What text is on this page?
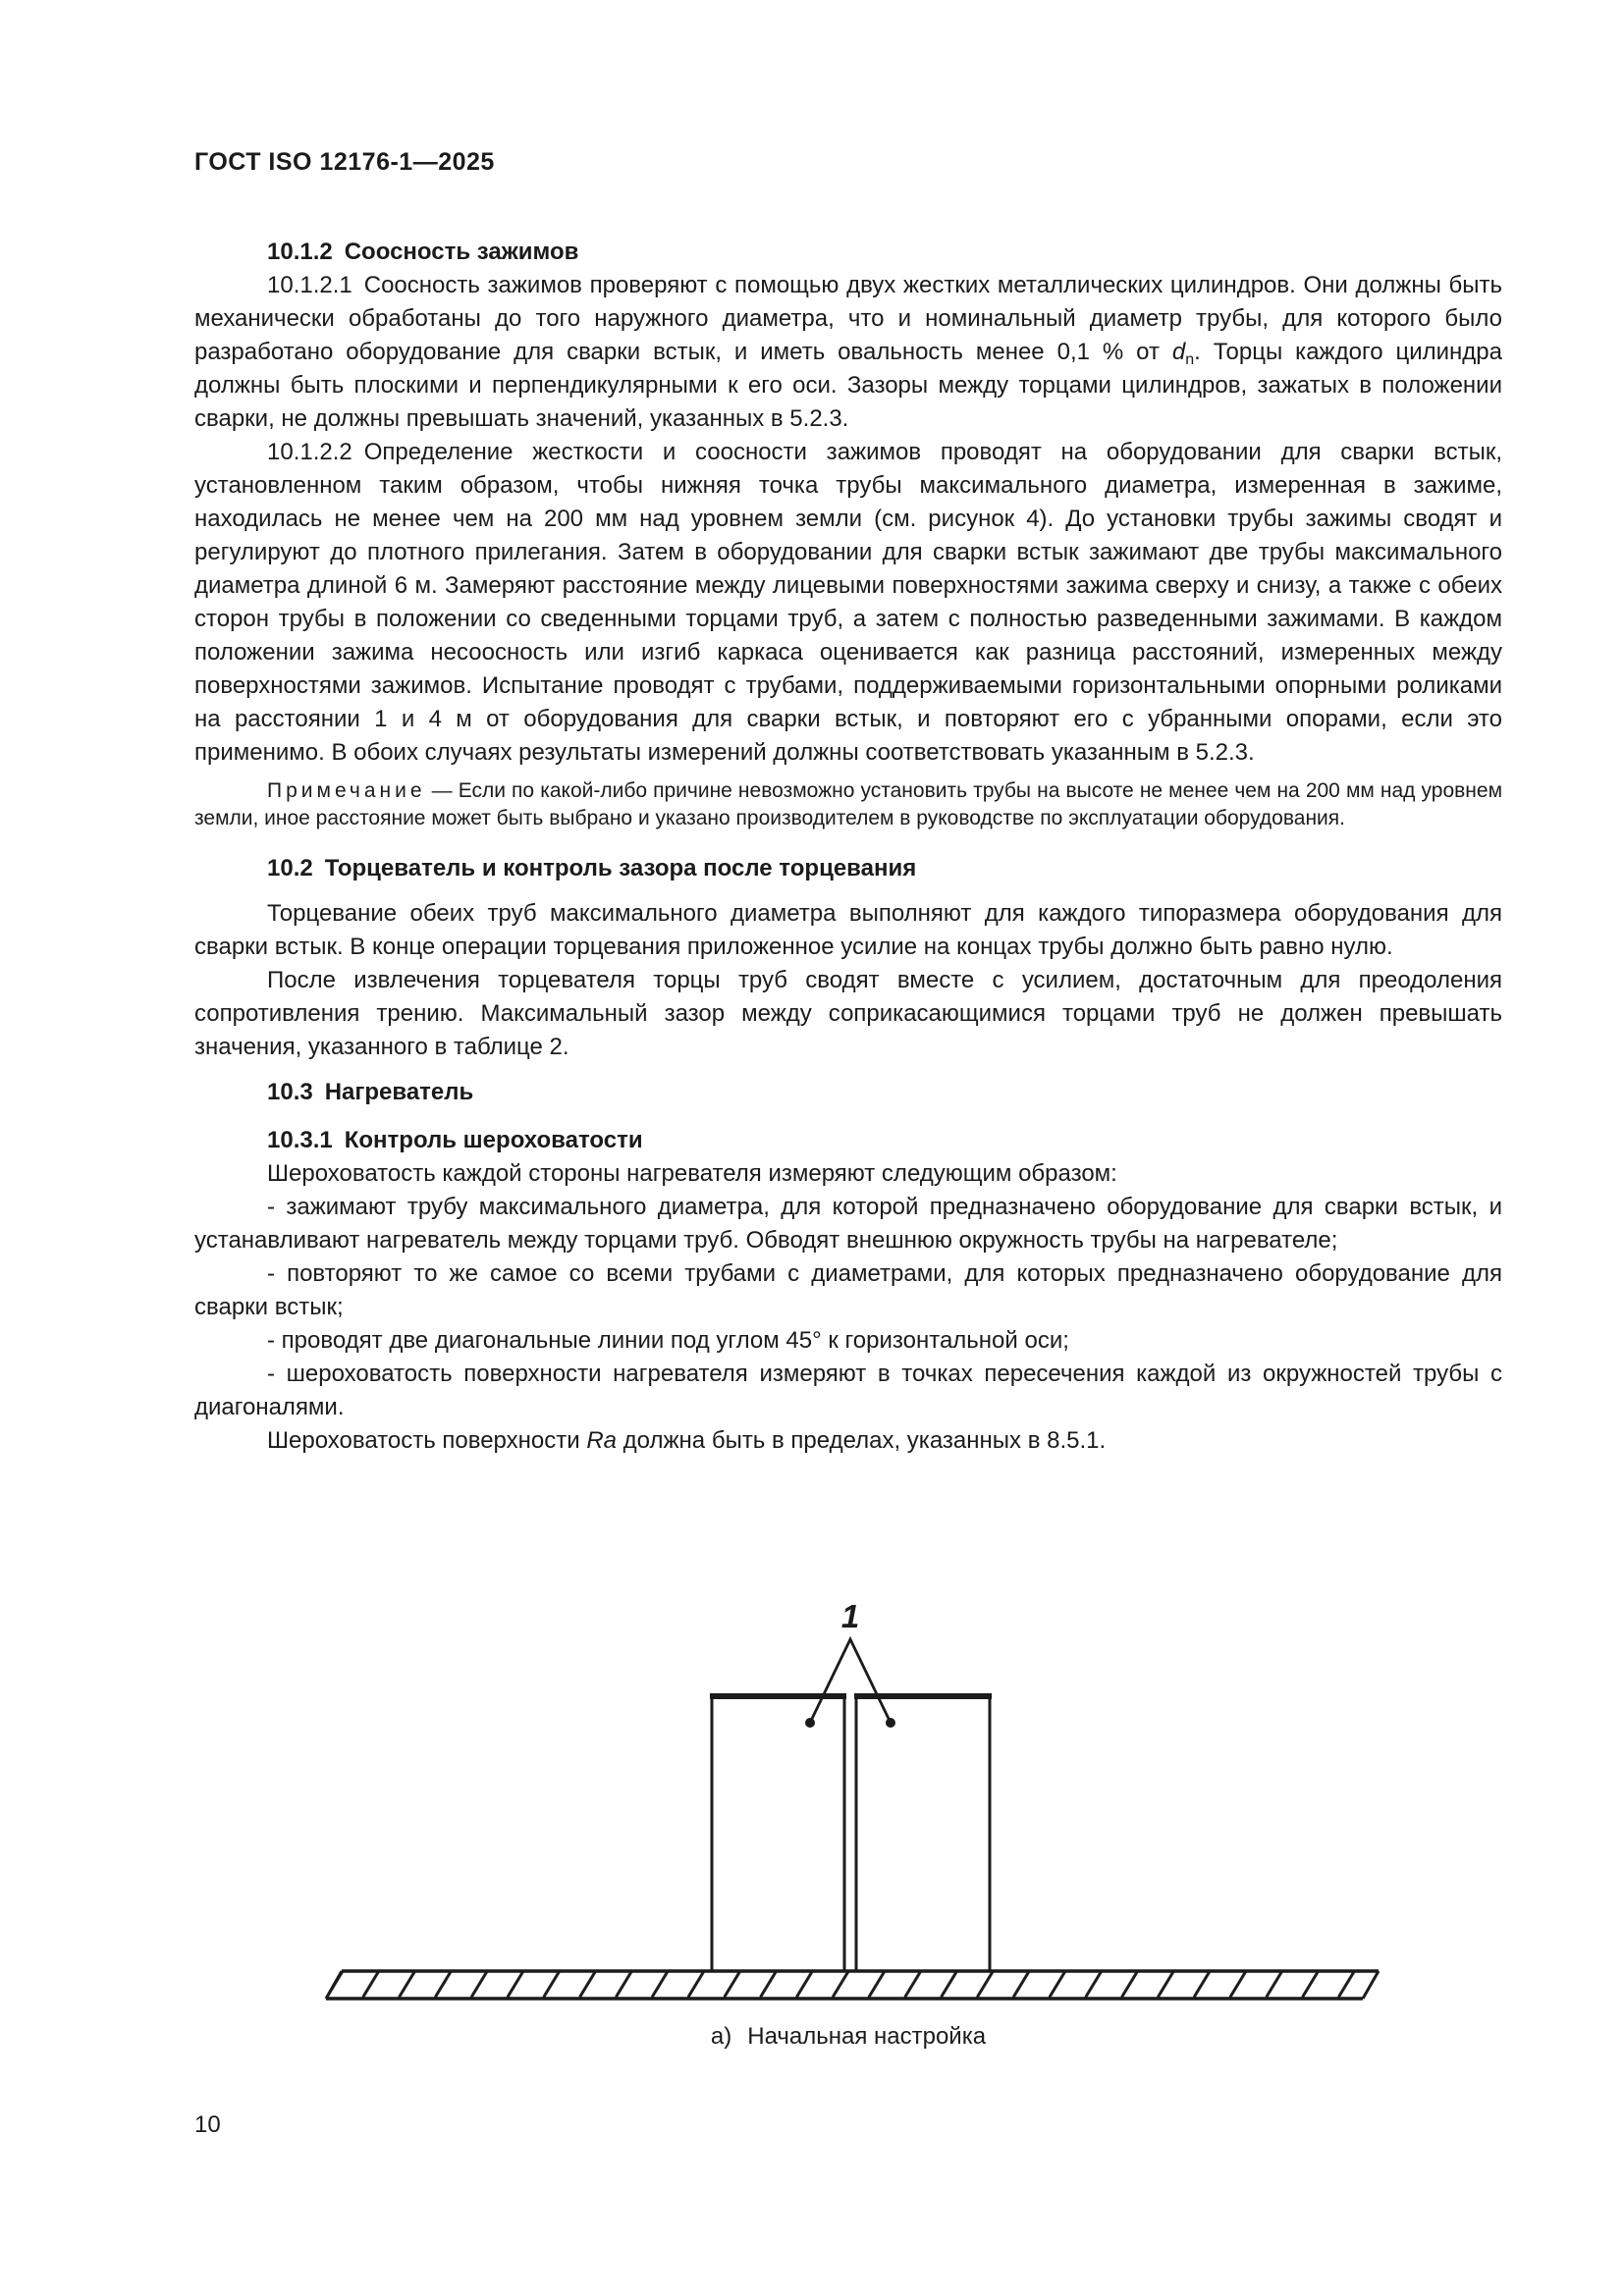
ГОСТ ISO 12176-1—2025

10.1.2 Соосность зажимов

10.1.2.1 Соосность зажимов проверяют с помощью двух жестких металлических цилиндров. Они должны быть механически обработаны до того наружного диаметра, что и номинальный диаметр трубы, для которого было разработано оборудование для сварки встык, и иметь овальность менее 0,1 % от $d_n$. Торцы каждого цилиндра должны быть плоскими и перпендикулярными к его оси. Зазоры между торцами цилиндров, зажатых в положении сварки, не должны превышать значений, указанных в 5.2.3.

10.1.2.2 Определение жесткости и соосности зажимов проводят на оборудовании для сварки встык, установленном таким образом, чтобы нижняя точка трубы максимального диаметра, измеренная в зажиме, находилась не менее чем на 200 мм над уровнем земли (см. рисунок 4). До установки трубы зажимы сводят и регулируют до плотного прилегания. Затем в оборудовании для сварки встык зажимают две трубы максимального диаметра длиной 6 м. Замеряют расстояние между лицевыми поверхностями зажима сверху и снизу, а также с обеих сторон трубы в положении со сведенными торцами труб, а затем с полностью разведенными зажимами. В каждом положении зажима несоосность или изгиб каркаса оценивается как разница расстояний, измеренных между поверхностями зажимов. Испытание проводят с трубами, поддерживаемыми горизонтальными опорными роликами на расстоянии 1 и 4 м от оборудования для сварки встык, и повторяют его с убранными опорами, если это применимо. В обоих случаях результаты измерений должны соответствовать указанным в 5.2.3.

Примечание — Если по какой-либо причине невозможно установить трубы на высоте не менее чем на 200 мм над уровнем земли, иное расстояние может быть выбрано и указано производителем в руководстве по эксплуатации оборудования.

10.2 Торцеватель и контроль зазора после торцевания

Торцевание обеих труб максимального диаметра выполняют для каждого типоразмера оборудования для сварки встык. В конце операции торцевания приложенное усилие на концах трубы должно быть равно нулю.

После извлечения торцевателя торцы труб сводят вместе с усилием, достаточным для преодоления сопротивления трению. Максимальный зазор между соприкасающимися торцами труб не должен превышать значения, указанного в таблице 2.

10.3 Нагреватель

10.3.1 Контроль шероховатости

Шероховатость каждой стороны нагревателя измеряют следующим образом:

- зажимают трубу максимального диаметра, для которой предназначено оборудование для сварки встык, и устанавливают нагреватель между торцами труб. Обводят внешнюю окружность трубы на нагревателе;

- повторяют то же самое со всеми трубами с диаметрами, для которых предназначено оборудование для сварки встык;

- проводят две диагональные линии под углом 45° к горизонтальной оси;

- шероховатость поверхности нагревателя измеряют в точках пересечения каждой из окружностей трубы с диагоналями.

Шероховатость поверхности Ra должна быть в пределах, указанных в 8.5.1.

1
а) Начальная настройка
10
